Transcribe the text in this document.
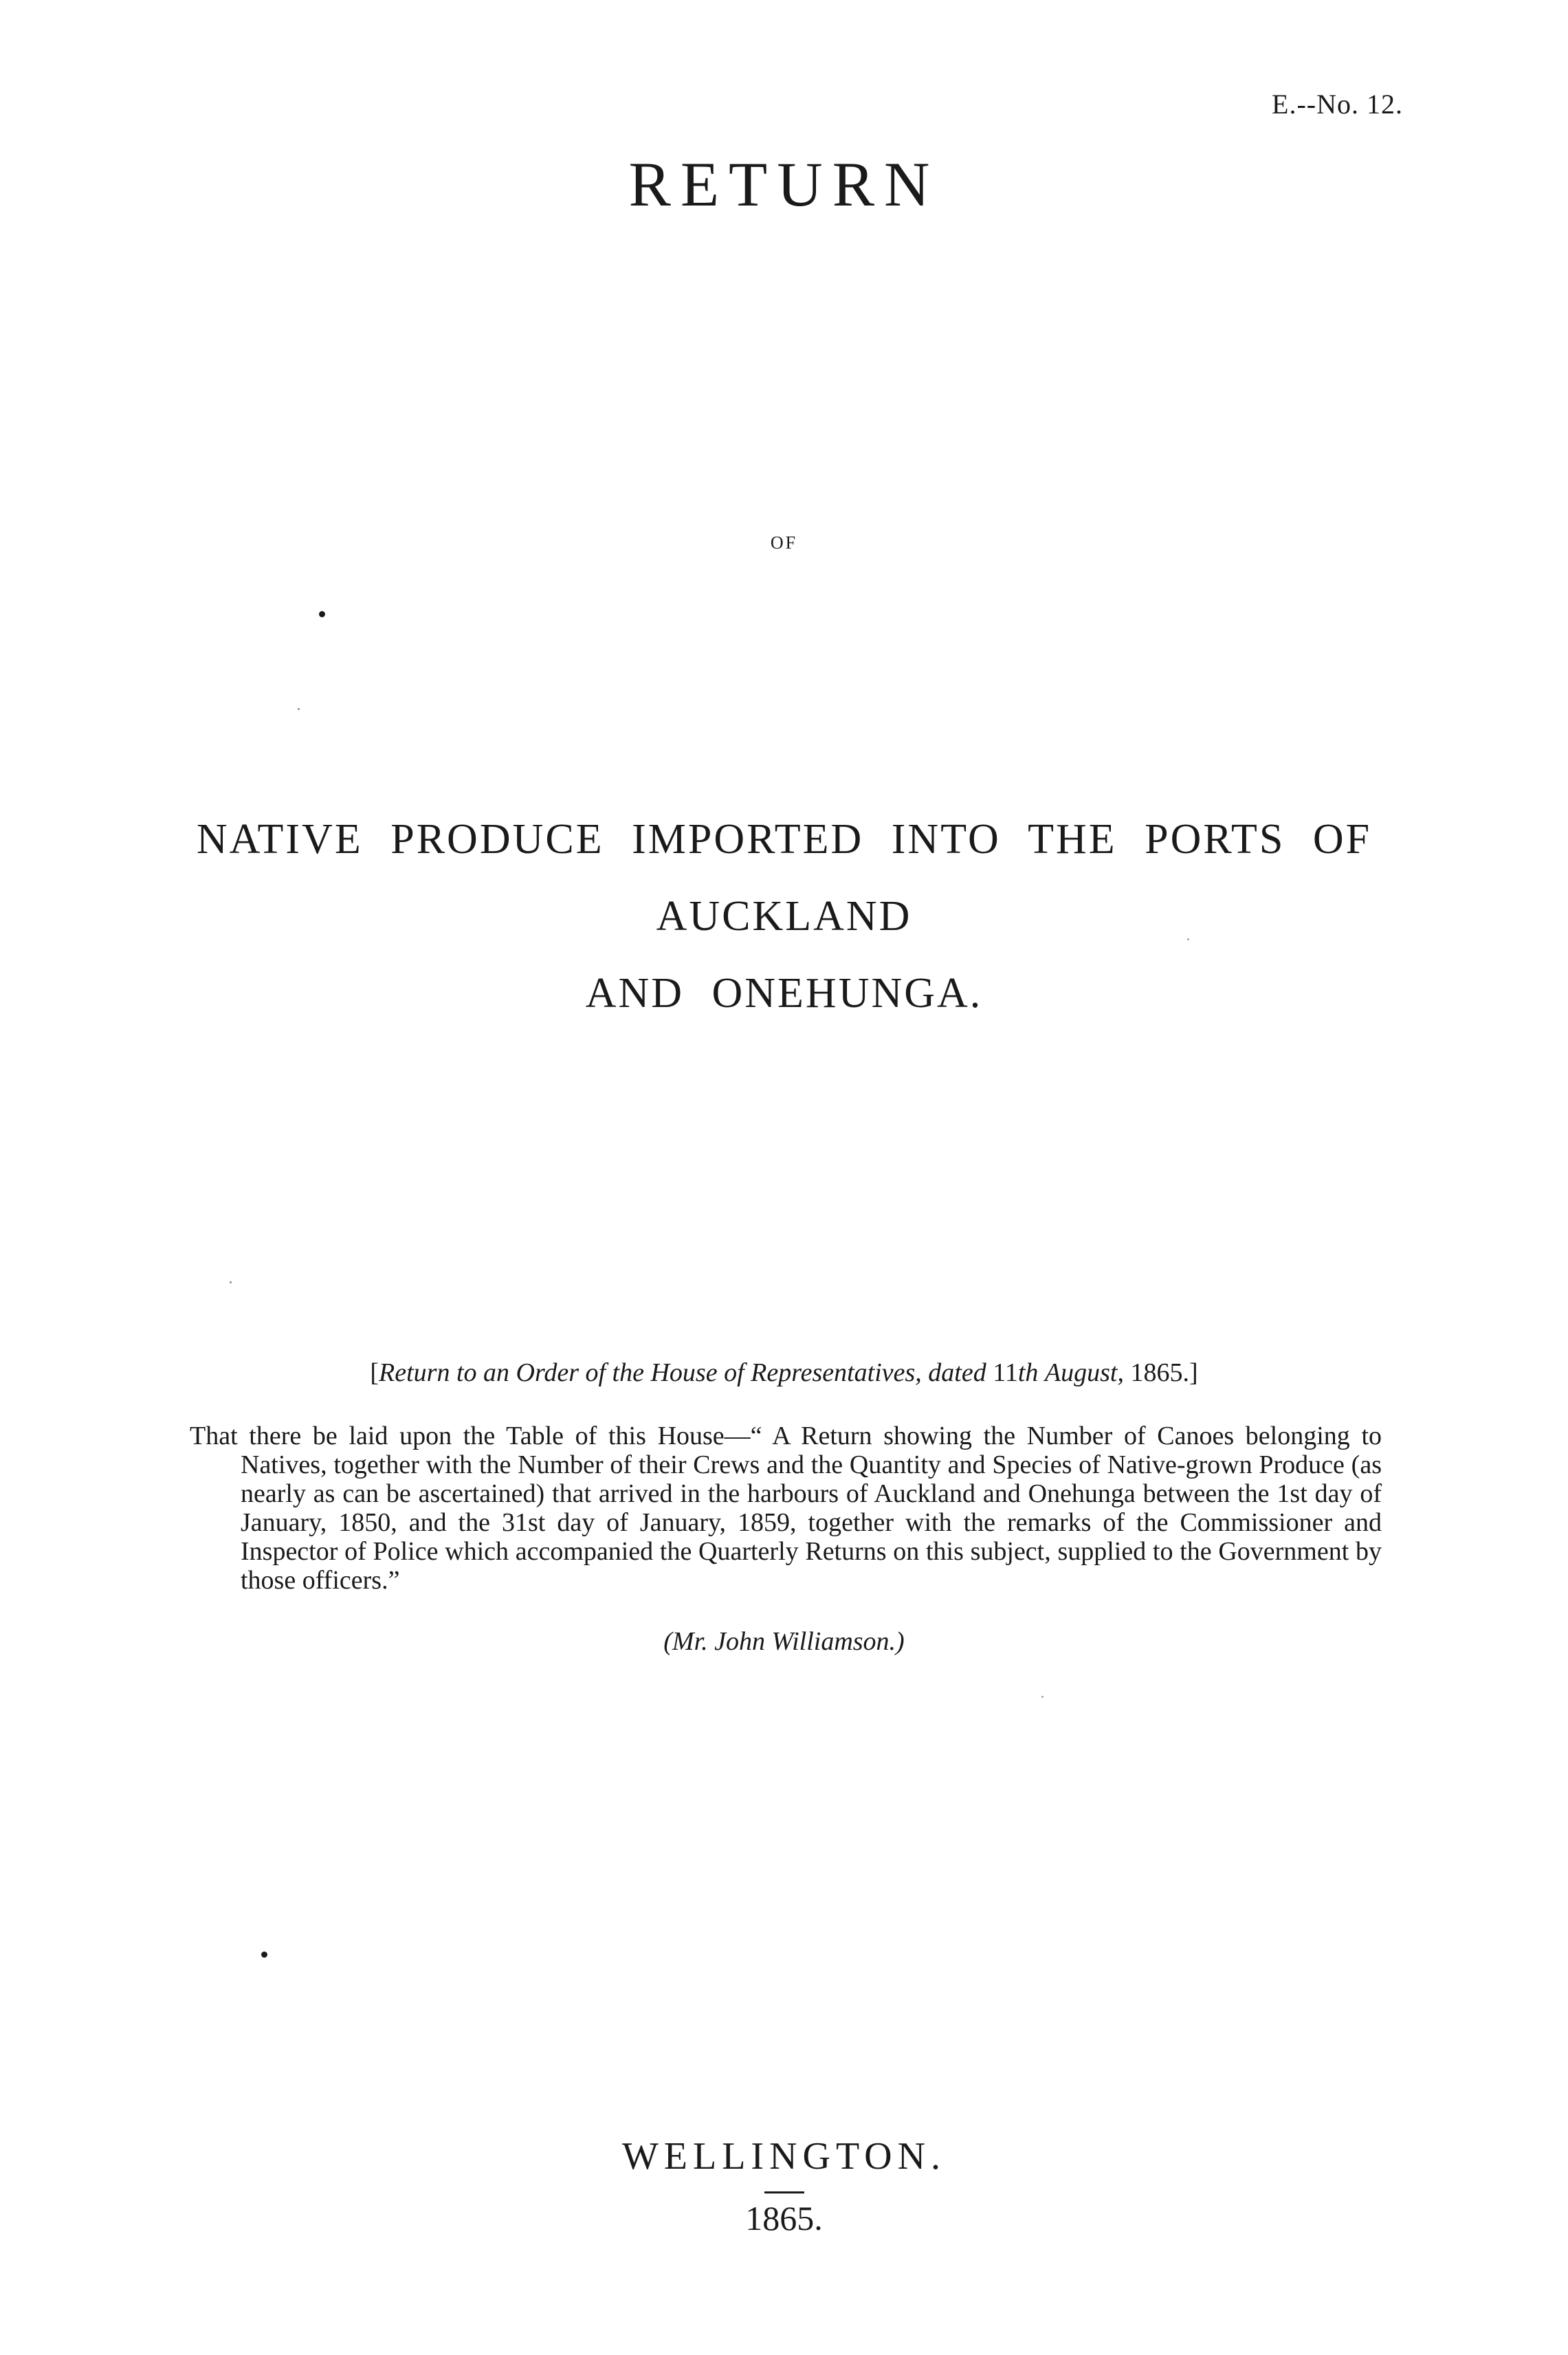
E.--No. 12.
RETURN
OF
NATIVE PRODUCE IMPORTED INTO THE PORTS OF AUCKLAND
AND ONEHUNGA.
[Return to an Order of the House of Representatives, dated 11th August, 1865.]
That there be laid upon the Table of this House—“ A Return showing the Number of Canoes belonging to Natives, together with the Number of their Crews and the Quantity and Species of Native-grown Produce (as nearly as can be ascertained) that arrived in the harbours of Auckland and Onehunga between the 1st day of January, 1850, and the 31st day of January, 1859, together with the remarks of the Commissioner and Inspector of Police which accompanied the Quarterly Returns on this subject, supplied to the Government by those officers.”
(Mr. John Williamson.)
WELLINGTON.
1865.
